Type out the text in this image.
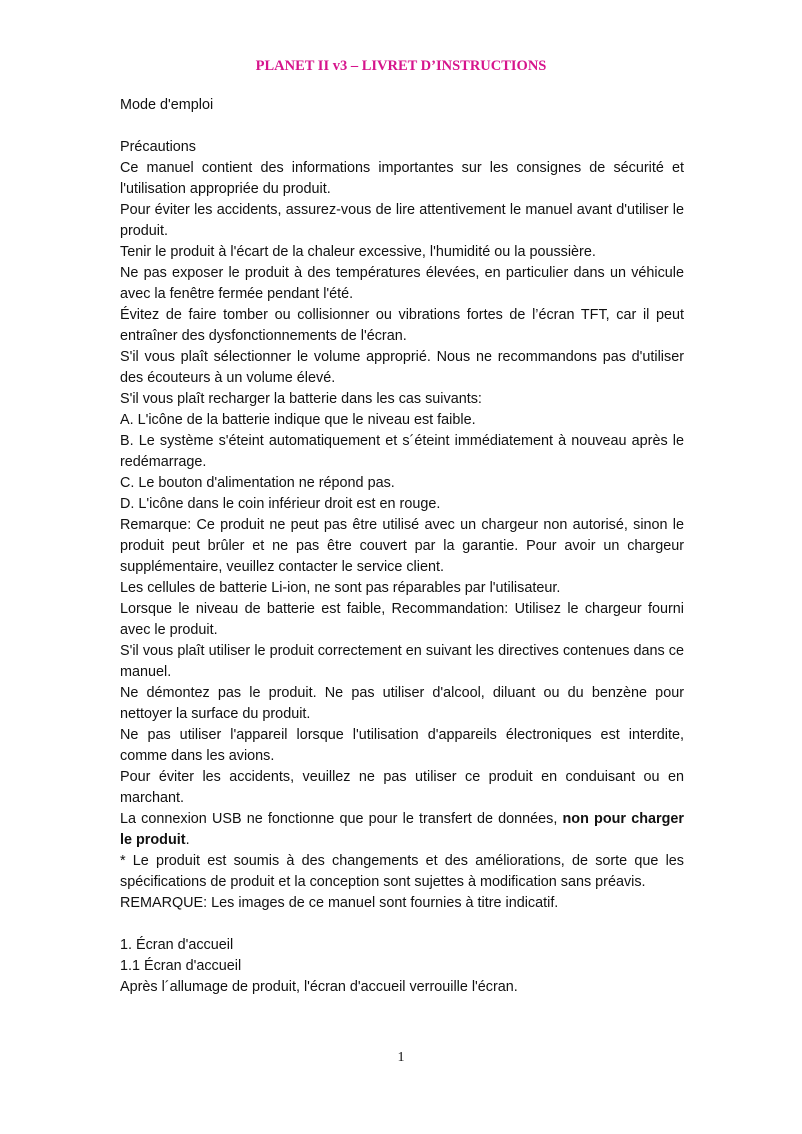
PLANET II v3 – LIVRET D’INSTRUCTIONS

Mode d'emploi

Précautions

Ce manuel contient des informations importantes sur les consignes de sécurité et l'utilisation appropriée du produit.

Pour éviter les accidents, assurez-vous de lire attentivement le manuel avant d'utiliser le produit.

Tenir le produit à l'écart de la chaleur excessive, l'humidité ou la poussière.

Ne pas exposer le produit à des températures élevées, en particulier dans un véhicule avec la fenêtre fermée pendant l'été.

Évitez de faire tomber ou collisionner ou vibrations fortes de l’écran TFT, car il peut entraîner des dysfonctionnements de l'écran.

S'il vous plaît sélectionner le volume approprié. Nous ne recommandons pas d'utiliser des écouteurs à un volume élevé.

S'il vous plaît recharger la batterie dans les cas suivants:

A. L'icône de la batterie indique que le niveau est faible.

B. Le système s'éteint automatiquement et s´éteint immédiatement à nouveau après le redémarrage.

C. Le bouton d'alimentation ne répond pas.

D. L'icône dans le coin inférieur droit est en rouge.

Remarque: Ce produit ne peut pas être utilisé avec un chargeur non autorisé, sinon le produit peut brûler et ne pas être couvert par la garantie. Pour avoir un chargeur supplémentaire, veuillez contacter le service client.

Les cellules de batterie Li-ion, ne sont pas réparables par l'utilisateur.

Lorsque le niveau de batterie est faible, Recommandation: Utilisez le chargeur fourni avec le produit.

S'il vous plaît utiliser le produit correctement en suivant les directives contenues dans ce manuel.

Ne démontez pas le produit. Ne pas utiliser d'alcool, diluant ou du benzène pour nettoyer la surface du produit.

Ne pas utiliser l'appareil lorsque l'utilisation d'appareils électroniques est interdite, comme dans les avions.

Pour éviter les accidents, veuillez ne pas utiliser ce produit en conduisant ou en marchant.

La connexion USB ne fonctionne que pour le transfert de données, non pour charger le produit.

* Le produit est soumis à des changements et des améliorations, de sorte que les spécifications de produit et la conception sont sujettes à modification sans préavis.

REMARQUE: Les images de ce manuel sont fournies à titre indicatif.

1. Écran d'accueil

1.1 Écran d'accueil

Après l´allumage de produit, l'écran d'accueil verrouille l'écran.

1
